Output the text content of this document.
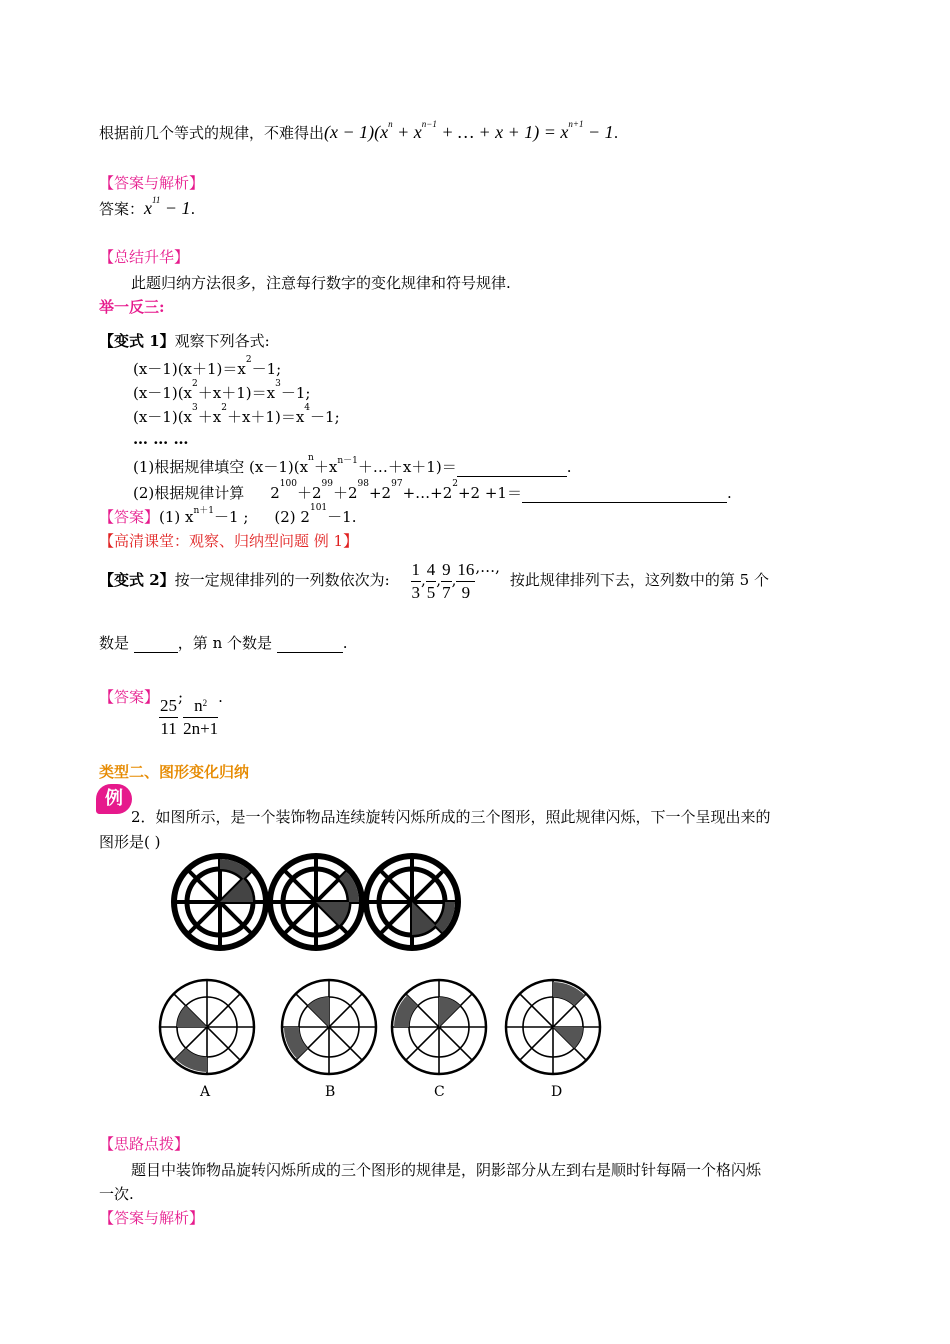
根据前几个等式的规律，不难得出$(x - 1)(x^n + x^{n-1}$ + … + $x + 1) = x^{n+1} - 1$.
【答案与解析】
答案：$x^{11} - 1$.
【总结升华】
此题归纳方法很多，注意每行数字的变化规律和符号规律.
举一反三:
【变式 1】观察下列各式:
$(x-1)(x+1)=x^2-1$;
$(x-1)(x^2+x+1)=x^3-1$;
$(x-1)(x^3+x^2+x+1)=x^4-1$;
… … …
(1)根据规律填空 $(x-1)(x^n+x^{n-1}+\dots+x+1)=$	.
(2)根据规律计算 $2^{100}+2^{99}+2^{98}+2^{97}+\dots+2^2+2 +1=$	.
【答案】(1) $x^{n+1}-1$ ; (2) $2^{101}-1$.
【高清课堂：观察、归纳型问题 例 1】
【变式 2】按一定规律排列的一列数依次为: $\frac{1}{3}$ , $\frac{4}{5}$ , $\frac{9}{7}$ , $\frac{16}{9}$ ,…,按此规律排列下去，这列数中的第 5 个
数是	，第 n 个数是	.
【答案】 $\frac{25}{11}$ ; $\frac{n^2}{2n+1}$ .
类型二、图形变化归纳
例
2．如图所示，是一个装饰物品连续旋转闪烁所成的三个图形，照此规律闪烁，下一个呈现出来的
图形是( )
A	B	C	D
【思路点拨】
题目中装饰物品旋转闪烁所成的三个图形的规律是，阴影部分从左到右是顺时针每隔一个格闪烁
一次.
【答案与解析】
